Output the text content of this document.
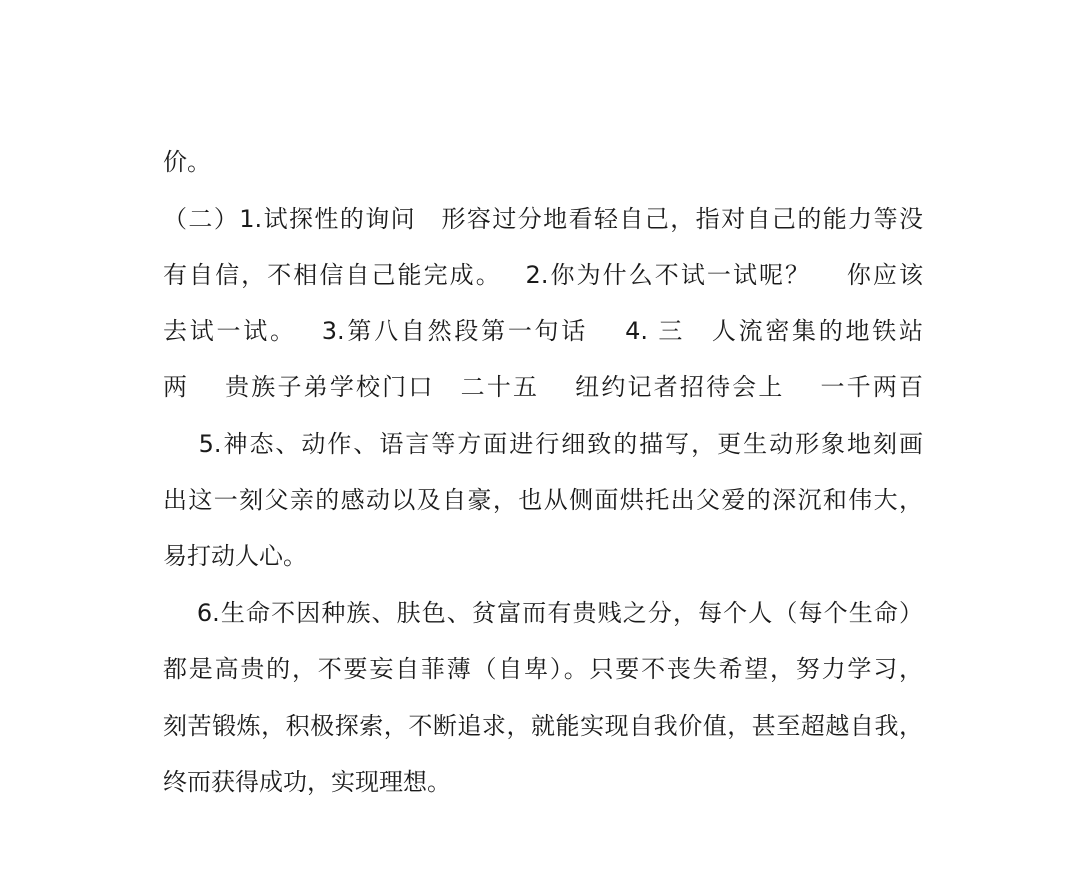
价。
（二）1.试探性的询问　形容过分地看轻自己，指对自己的能力等没
有自信，不相信自己能完成。　 2.你为什么不试一试呢？　 你应该
去试一试。　 3.第八自然段第一句话　 4. 三　人流密集的地铁站
两　 贵族子弟学校门口　二十五　 纽约记者招待会上　 一千两百
　 5.神态、动作、语言等方面进行细致的描写，更生动形象地刻画
出这一刻父亲的感动以及自豪，也从侧面烘托出父爱的深沉和伟大，
易打动人心。
　 6.生命不因种族、肤色、贫富而有贵贱之分，每个人（每个生命）
都是高贵的，不要妄自菲薄（自卑）。只要不丧失希望，努力学习，
刻苦锻炼，积极探索，不断追求，就能实现自我价值，甚至超越自我，
终而获得成功，实现理想。
